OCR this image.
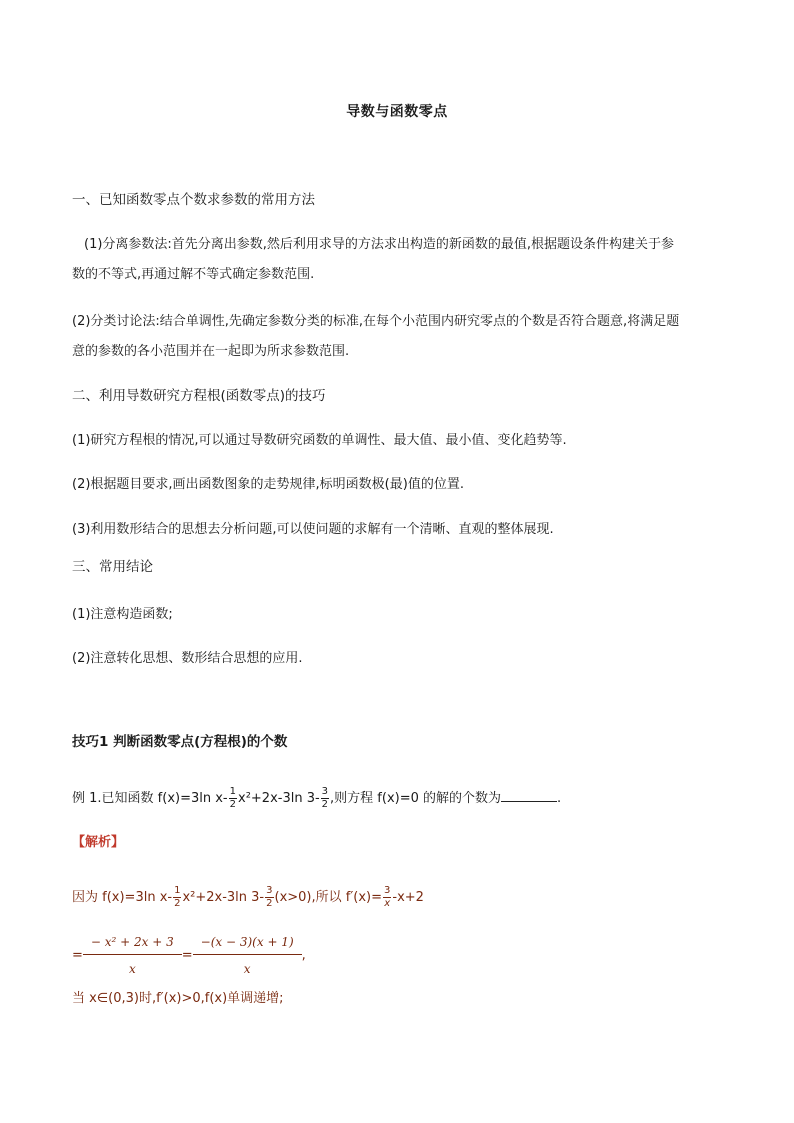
导数与函数零点
一、已知函数零点个数求参数的常用方法
(1)分离参数法:首先分离出参数,然后利用求导的方法求出构造的新函数的最值,根据题设条件构建关于参
数的不等式,再通过解不等式确定参数范围.
(2)分类讨论法:结合单调性,先确定参数分类的标准,在每个小范围内研究零点的个数是否符合题意,将满足题
意的参数的各小范围并在一起即为所求参数范围.
二、利用导数研究方程根(函数零点)的技巧
(1)研究方程根的情况,可以通过导数研究函数的单调性、最大值、最小值、变化趋势等.
(2)根据题目要求,画出函数图象的走势规律,标明函数极(最)值的位置.
(3)利用数形结合的思想去分析问题,可以使问题的求解有一个清晰、直观的整体展现.
三、常用结论
(1)注意构造函数;
(2)注意转化思想、数形结合思想的应用.
技巧1 判断函数零点(方程根)的个数
例 1.已知函数 f(x)=3ln $x- \frac{1}{2} x^2+2x-3\ln$ $3- \frac{3}{2}$ ,则方程 f(x)=0 的解的个数为	.
【解析】
因为 f(x)=3ln $x- \frac{1}{2} x^2+2x-3\ln$ $3- \frac{3}{2} (x>0)$,所以 $f'(x)= \frac{3}{x} -x+2$
= $\frac{\text{− x² + 2x + 3}}{x} = \frac{-(x - 3)(x + 1)}{x}$ ,
当 x∈(0,3)时,f′(x)>0,f(x)单调递增;
